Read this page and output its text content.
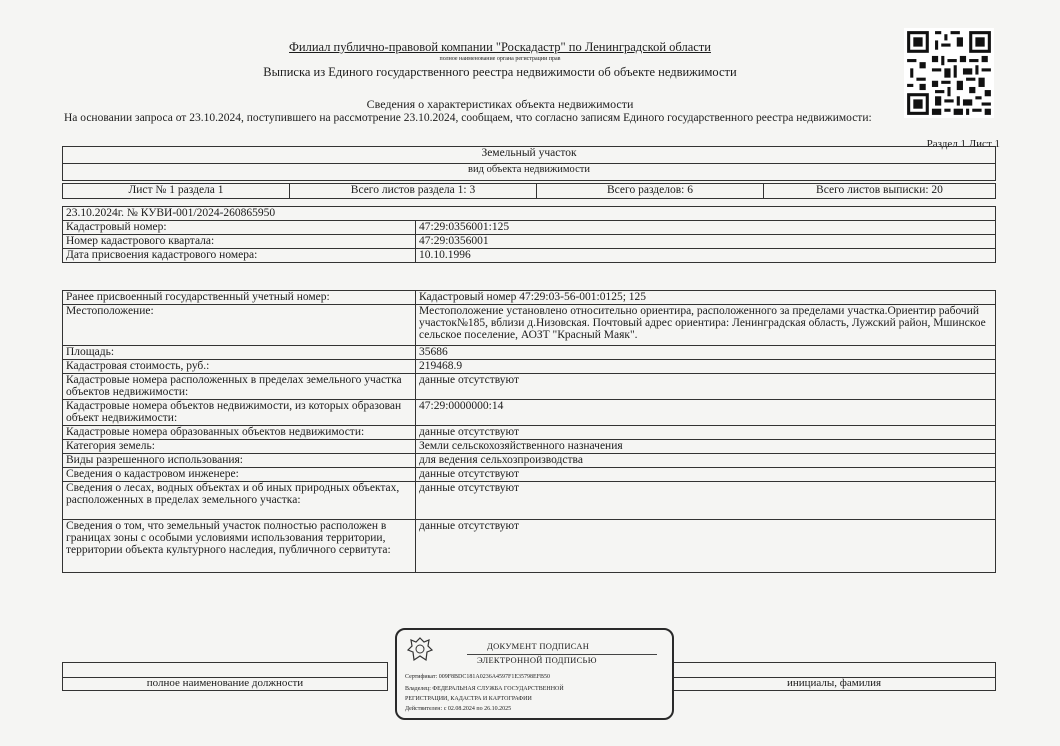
Филиал публично-правовой компании "Роскадастр" по Ленинградской области
полное наименование органа регистрации прав
Выписка из Единого государственного реестра недвижимости об объекте недвижимости
Сведения о характеристиках объекта недвижимости
На основании запроса от 23.10.2024, поступившего на рассмотрение 23.10.2024, сообщаем, что согласно записям Единого государственного реестра недвижимости:
Раздел 1 Лист 1
Земельный участок
вид объекта недвижимости
Лист № 1 раздела 1	Всего листов раздела 1: 3	Всего разделов: 6	Всего листов выписки: 20
23.10.2024г. № КУВИ-001/2024-260865950	
Кадастровый номер:	47:29:0356001:125
Номер кадастрового квартала:	47:29:0356001
Дата присвоения кадастрового номера:	10.10.1996
Ранее присвоенный государственный учетный номер:	Кадастровый номер 47:29:03-56-001:0125; 125
Местоположение:	Местоположение установлено относительно ориентира, расположенного за пределами участка.Ориентир рабочий участок№185, вблизи д.Низовская. Почтовый адрес ориентира: Ленинградская область, Лужский район, Мшинское сельское поселение, АОЗТ "Красный Маяк".
Площадь:	35686
Кадастровая стоимость, руб.:	219468.9
Кадастровые номера расположенных в пределах земельного участка объектов недвижимости:	данные отсутствуют
Кадастровые номера объектов недвижимости, из которых образован объект недвижимости:	47:29:0000000:14
Кадастровые номера образованных объектов недвижимости:	данные отсутствуют
Категория земель:	Земли сельскохозяйственного назначения
Виды разрешенного использования:	для ведения сельхозпроизводства
Сведения о кадастровом инженере:	данные отсутствуют
Сведения о лесах, водных объектах и об иных природных объектах, расположенных в пределах земельного участка:	данные отсутствуют
Сведения о том, что земельный участок полностью расположен в границах зоны с особыми условиями использования территории, территории объекта культурного наследия, публичного сервитута:	данные отсутствуют

полное наименование должности		инициалы, фамилия
ДОКУМЕНТ ПОДПИСАН
ЭЛЕКТРОННОЙ ПОДПИСЬЮ
Сертификат: 009F8BDC181A0236A4597F1E35798EFB50
Владелец: ФЕДЕРАЛЬНАЯ СЛУЖБА ГОСУДАРСТВЕННОЙ
РЕГИСТРАЦИИ, КАДАСТРА И КАРТОГРАФИИ
Действителен: с 02.08.2024 по 26.10.2025
